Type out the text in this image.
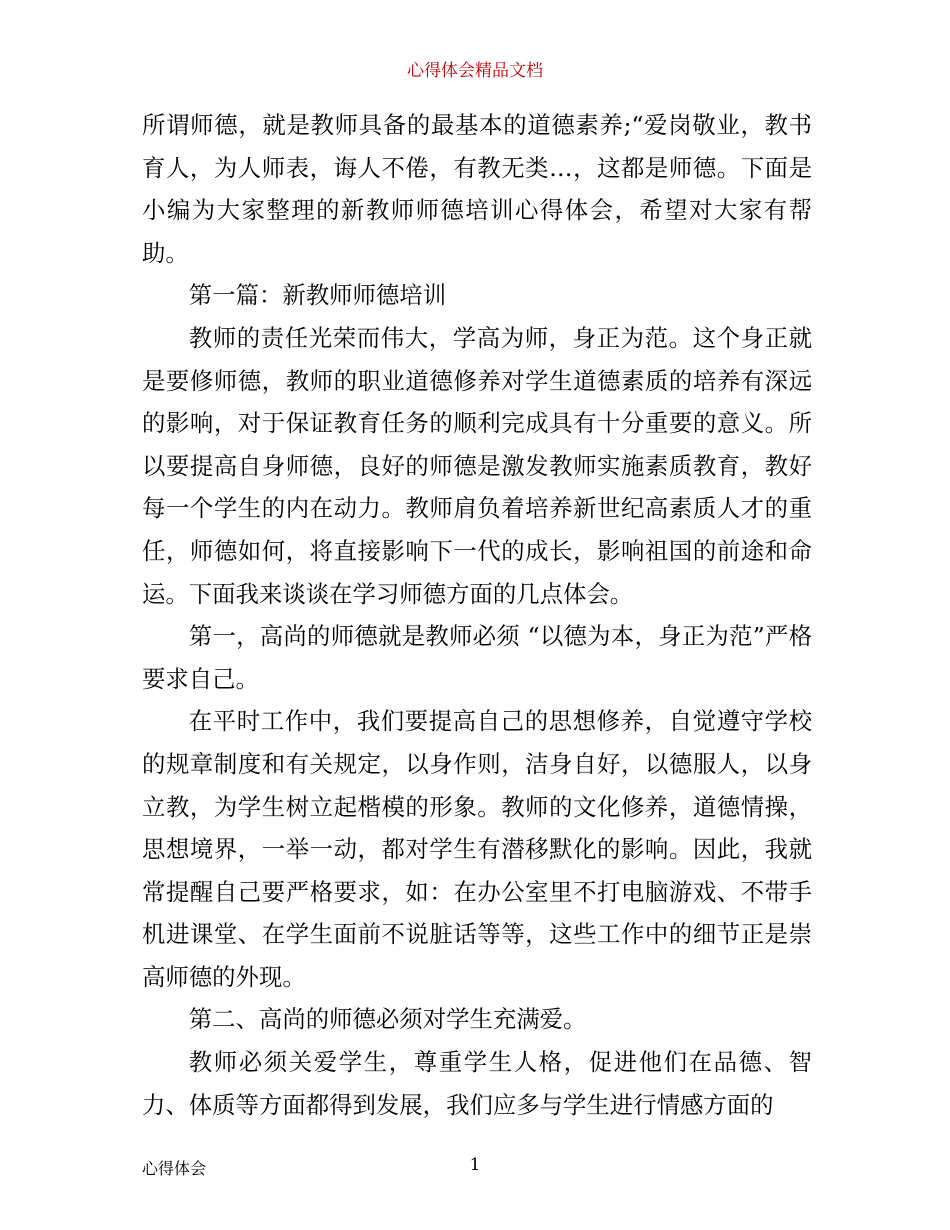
心得体会精品文档

所谓师德，就是教师具备的最基本的道德素养;“爱岗敬业，教书育人，为人师表，诲人不倦，有教无类…，这都是师德。下面是小编为大家整理的新教师师德培训心得体会，希望对大家有帮助。

第一篇：新教师师德培训

教师的责任光荣而伟大，学高为师，身正为范。这个身正就是要修师德，教师的职业道德修养对学生道德素质的培养有深远的影响，对于保证教育任务的顺利完成具有十分重要的意义。所以要提高自身师德，良好的师德是激发教师实施素质教育，教好每一个学生的内在动力。教师肩负着培养新世纪高素质人才的重任，师德如何，将直接影响下一代的成长，影响祖国的前途和命运。下面我来谈谈在学习师德方面的几点体会。

第一，高尚的师德就是教师必须 “以德为本，身正为范”严格要求自己。

在平时工作中，我们要提高自己的思想修养，自觉遵守学校的规章制度和有关规定，以身作则，洁身自好，以德服人，以身立教，为学生树立起楷模的形象。教师的文化修养，道德情操，思想境界，一举一动，都对学生有潜移默化的影响。因此，我就常提醒自己要严格要求，如：在办公室里不打电脑游戏、不带手机进课堂、在学生面前不说脏话等等，这些工作中的细节正是崇高师德的外现。

第二、高尚的师德必须对学生充满爱。

教师必须关爱学生，尊重学生人格，促进他们在品德、智力、体质等方面都得到发展，我们应多与学生进行情感方面的

心得体会	1
